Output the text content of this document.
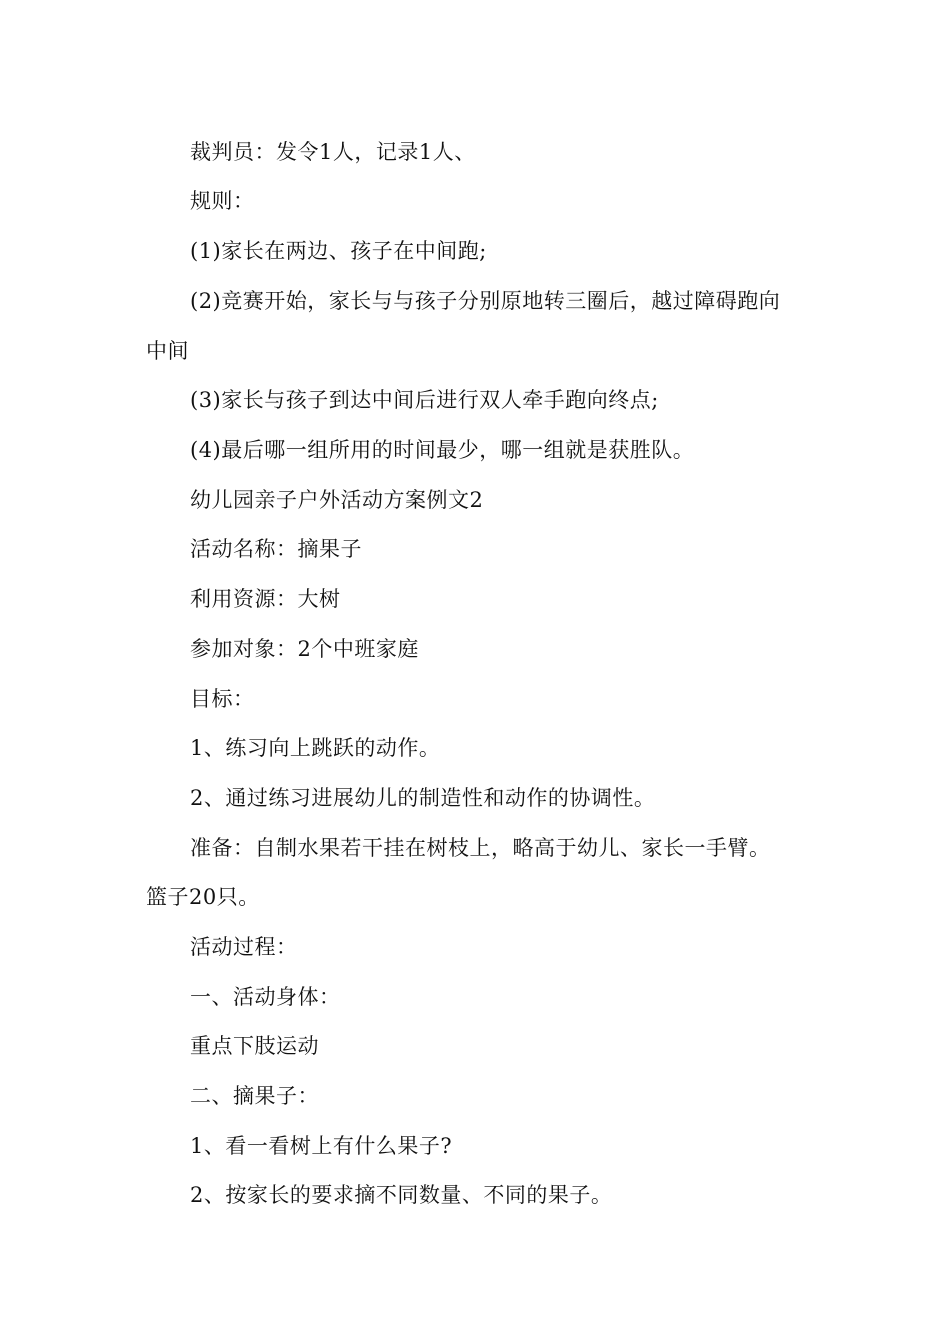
裁判员：发令1人，记录1人、
规则：
(1)家长在两边、孩子在中间跑;
(2)竞赛开始，家长与与孩子分别原地转三圈后，越过障碍跑向
中间
(3)家长与孩子到达中间后进行双人牵手跑向终点;
(4)最后哪一组所用的时间最少，哪一组就是获胜队。
幼儿园亲子户外活动方案例文2
活动名称：摘果子
利用资源：大树
参加对象：2个中班家庭
目标：
1、练习向上跳跃的动作。
2、通过练习进展幼儿的制造性和动作的协调性。
准备：自制水果若干挂在树枝上，略高于幼儿、家长一手臂。
篮子20只。
活动过程：
一、活动身体：
重点下肢运动
二、摘果子：
1、看一看树上有什么果子?
2、按家长的要求摘不同数量、不同的果子。
